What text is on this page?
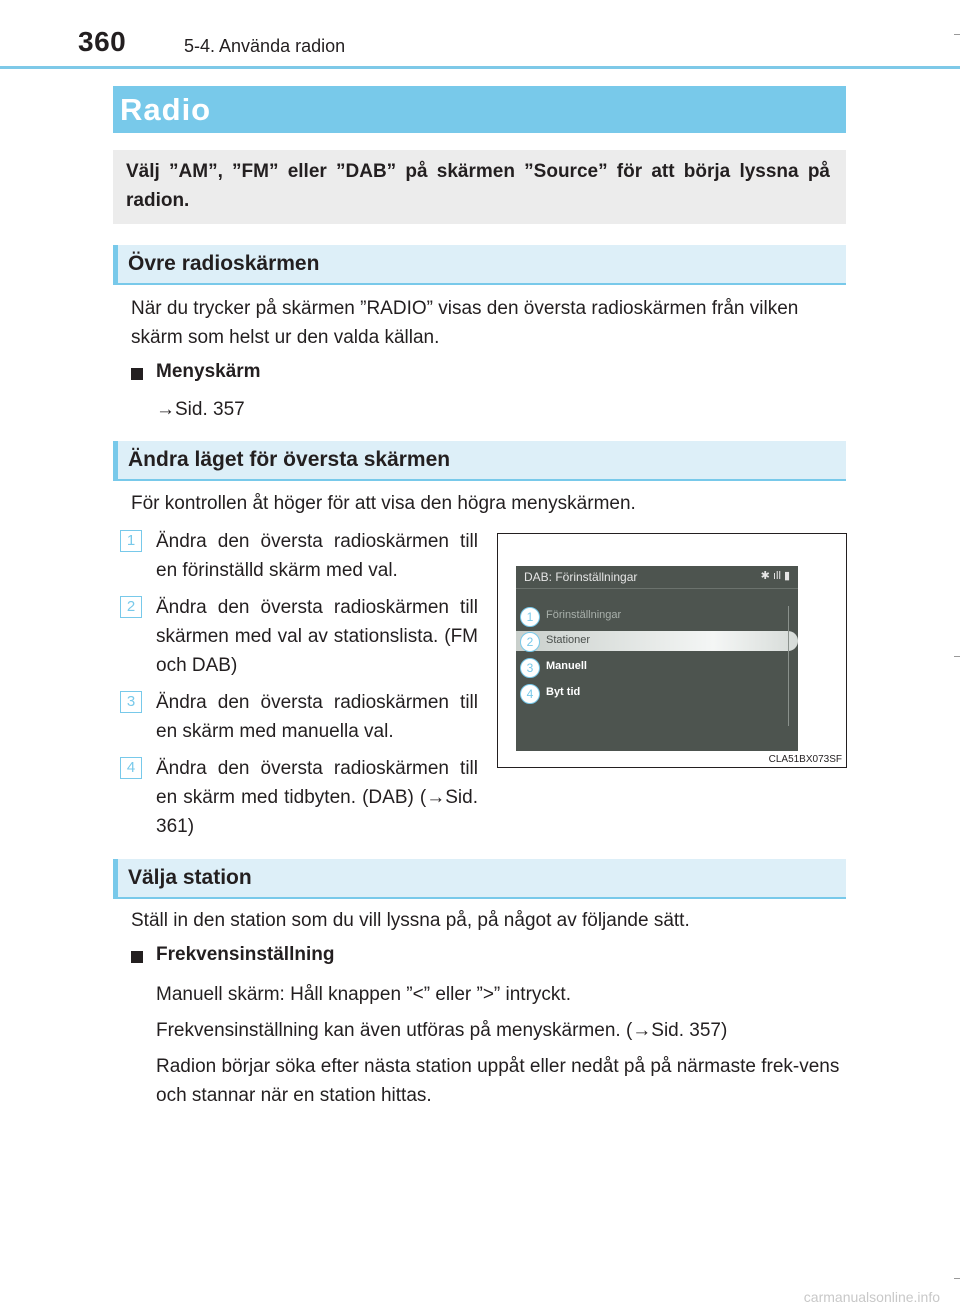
360	5-4. Använda radion
Radio
Välj ”AM”, ”FM” eller ”DAB” på skärmen ”Source” för att börja lyssna på radion.
Övre radioskärmen
När du trycker på skärmen ”RADIO” visas den översta radioskärmen från vilken skärm som helst ur den valda källan.
Menyskärm
→Sid. 357
Ändra läget för översta skärmen
För kontrollen åt höger för att visa den högra menyskärmen.
1	Ändra den översta radioskärmen till en förinställd skärm med val.
2	Ändra den översta radioskärmen till skärmen med val av stationslista. (FM och DAB)
3	Ändra den översta radioskärmen till en skärm med manuella val.
4	Ändra den översta radioskärmen till en skärm med tidbyten. (DAB) (→Sid. 361)
DAB: Förinställningar	✱ ıll ▮
1	Förinställningar
2	Stationer
3	Manuell
4	Byt tid
CLA51BX073SF
Välja station
Ställ in den station som du vill lyssna på, på något av följande sätt.
Frekvensinställning
Manuell skärm: Håll knappen ”<” eller ”>” intryckt.
Frekvensinställning kan även utföras på menyskärmen. (→Sid. 357)
Radion börjar söka efter nästa station uppåt eller nedåt på på närmaste frek-vens och stannar när en station hittas.
carmanualsonline.info
